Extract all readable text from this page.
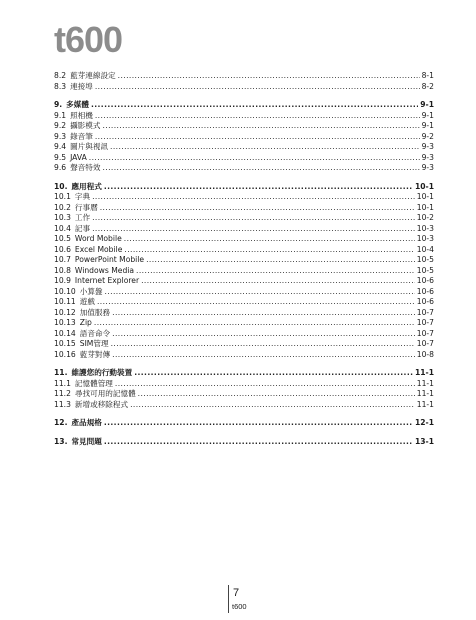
t600
8.2 藍芽連線設定 .....	8-1
8.3 連接埠 .....	8-2
9. 多媒體 .....	9-1
9.1 照相機 .....	9-1
9.2 攝影模式 .....	9-1
9.3 錄音筆 .....	9-2
9.4 圖片與視訊 .....	9-3
9.5 JAVA .....	9-3
9.6 聲音特效 .....	9-3
10. 應用程式 .....	10-1
10.1 字典 .....	10-1
10.2 行事曆 .....	10-1
10.3 工作 .....	10-2
10.4 記事 .....	10-3
10.5 Word Mobile .....	10-3
10.6 Excel Mobile .....	10-4
10.7 PowerPoint Mobile .....	10-5
10.8 Windows Media .....	10-5
10.9 Internet Explorer .....	10-6
10.10 小算盤 .....	10-6
10.11 遊戲 .....	10-6
10.12 加值服務 .....	10-7
10.13 Zip .....	10-7
10.14 語音命令 .....	10-7
10.15 SIM管理 .....	10-7
10.16 藍芽對傳 .....	10-8
11. 維護您的行動裝置 .....	11-1
11.1 記憶體管理 .....	11-1
11.2 尋找可用的記憶體 .....	11-1
11.3 新增或移除程式 .....	11-1
12. 產品規格 .....	12-1
13. 常見問題 .....	13-1
7
t600
